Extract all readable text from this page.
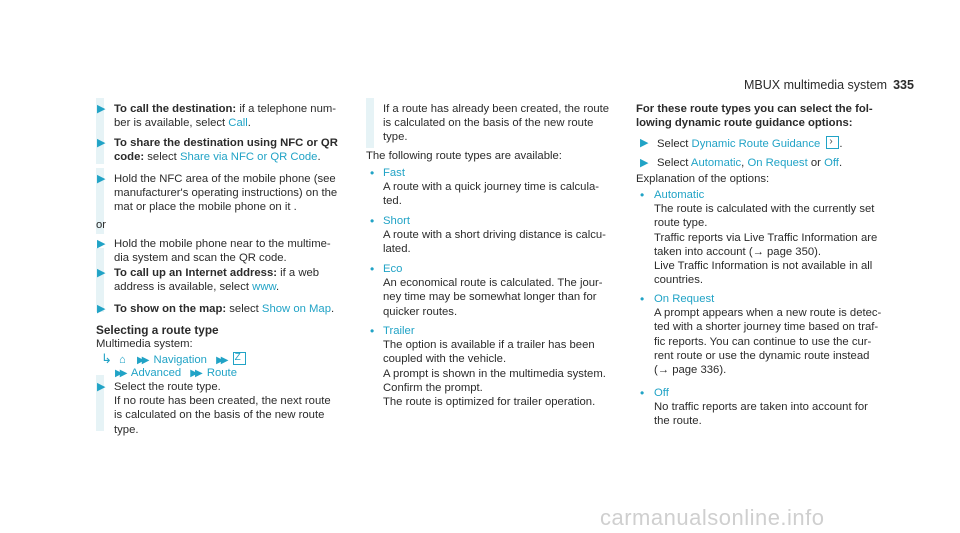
MBUX multimedia system 335
▶ To call the destination: if a telephone num-
ber is available, select Call.
▶ To share the destination using NFC or QR
code: select Share via NFC or QR Code.
▶ Hold the NFC area of the mobile phone (see
manufacturer's operating instructions) on the
mat or place the mobile phone on it .
or
▶ Hold the mobile phone near to the multime-
dia system and scan the QR code.
▶ To call up an Internet address: if a web
address is available, select www.
▶ To show on the map: select Show on Map.
Selecting a route type
Multimedia system:
↳ ⌂ ▶▶ Navigation ▶▶ Z
▶▶ Advanced ▶▶ Route
▶ Select the route type.
If no route has been created, the next route
is calculated on the basis of the new route
type.
If a route has already been created, the route
is calculated on the basis of the new route
type.
The following route types are available:
• Fast
A route with a quick journey time is calcula-
ted.
• Short
A route with a short driving distance is calcu-
lated.
• Eco
An economical route is calculated. The jour-
ney time may be somewhat longer than for
quicker routes.
• Trailer
The option is available if a trailer has been
coupled with the vehicle.
A prompt is shown in the multimedia system.
Confirm the prompt.
The route is optimized for trailer operation.
For these route types you can select the fol-
lowing dynamic route guidance options:
▶ Select Dynamic Route Guidance › .
▶ Select Automatic, On Request or Off.
Explanation of the options:
• Automatic
The route is calculated with the currently set
route type.
Traffic reports via Live Traffic Information are
taken into account (→ page 350).
Live Traffic Information is not available in all
countries.
• On Request
A prompt appears when a new route is detec-
ted with a shorter journey time based on traf-
fic reports. You can continue to use the cur-
rent route or use the dynamic route instead
(→ page 336).
• Off
No traffic reports are taken into account for
the route.
carmanualsonline.info
